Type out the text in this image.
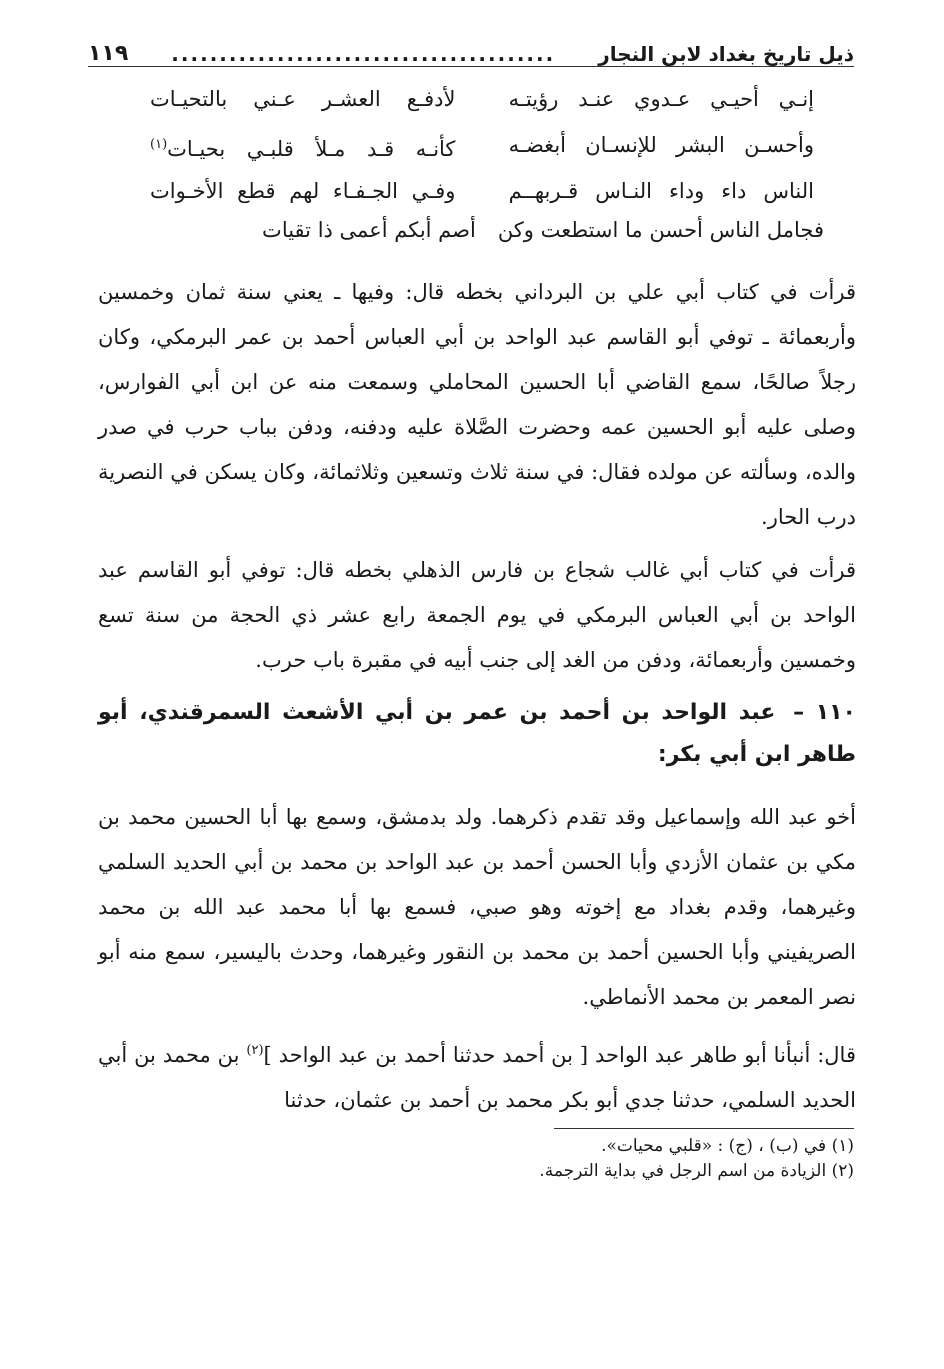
ذيل تاريخ بغداد لابن النجار
........................................
١١٩
إنـي أحيـي عـدوي عنـد رؤيتـه
لأدفـع العشـر عـني بالتحيـات
وأحسـن البشر للإنسـان أبغضـه
كأنـه قـد مـلأ قلبـي بحيـات$^{(١)}$
الناس داء وداء النـاس قـربهــم
وفـي الجـفـاء لهم قطع الأخـوات
فجامل الناس أحسن ما استطعت وكنأصم أبكم أعمى ذا تقيات

قرأت في كتاب أبي علي بن البرداني بخطه قال: وفيها ـ يعني سنة ثمان وخمسين وأربعمائة ـ توفي أبو القاسم عبد الواحد بن أبي العباس أحمد بن عمر البرمكي، وكان رجلاً صالحًا، سمع القاضي أبا الحسين المحاملي وسمعت منه عن ابن أبي الفوارس، وصلى عليه أبو الحسين عمه وحضرت الصَّلاة عليه ودفنه، ودفن بباب حرب في صدر والده، وسألته عن مولده فقال: في سنة ثلاث وتسعين وثلاثمائة، وكان يسكن في النصرية درب الحار.

قرأت في كتاب أبي غالب شجاع بن فارس الذهلي بخطه قال: توفي أبو القاسم عبد الواحد بن أبي العباس البرمكي في يوم الجمعة رابع عشر ذي الحجة من سنة تسع وخمسين وأربعمائة، ودفن من الغد إلى جنب أبيه في مقبرة باب حرب.

١١٠ – عبد الواحد بن أحمد بن عمر بن أبي الأشعث السمرقندي، أبو طاهر ابن أبي بكر:

أخو عبد الله وإسماعيل وقد تقدم ذكرهما. ولد بدمشق، وسمع بها أبا الحسين محمد بن مكي بن عثمان الأزدي وأبا الحسن أحمد بن عبد الواحد بن محمد بن أبي الحديد السلمي وغيرهما، وقدم بغداد مع إخوته وهو صبي، فسمع بها أبا محمد عبد الله بن محمد الصريفيني وأبا الحسين أحمد بن محمد بن النقور وغيرهما، وحدث باليسير، سمع منه أبو نصر المعمر بن محمد الأنماطي.

قال: أنبأنا أبو طاهر عبد الواحد [ بن أحمد حدثنا أحمد بن عبد الواحد ]$^{(٢)}$ بن محمد بن أبي الحديد السلمي، حدثنا جدي أبو بكر محمد بن أحمد بن عثمان، حدثنا

(١) في (ب) ، (ج) : «قلبي محيات».
(٢) الزيادة من اسم الرجل في بداية الترجمة.
